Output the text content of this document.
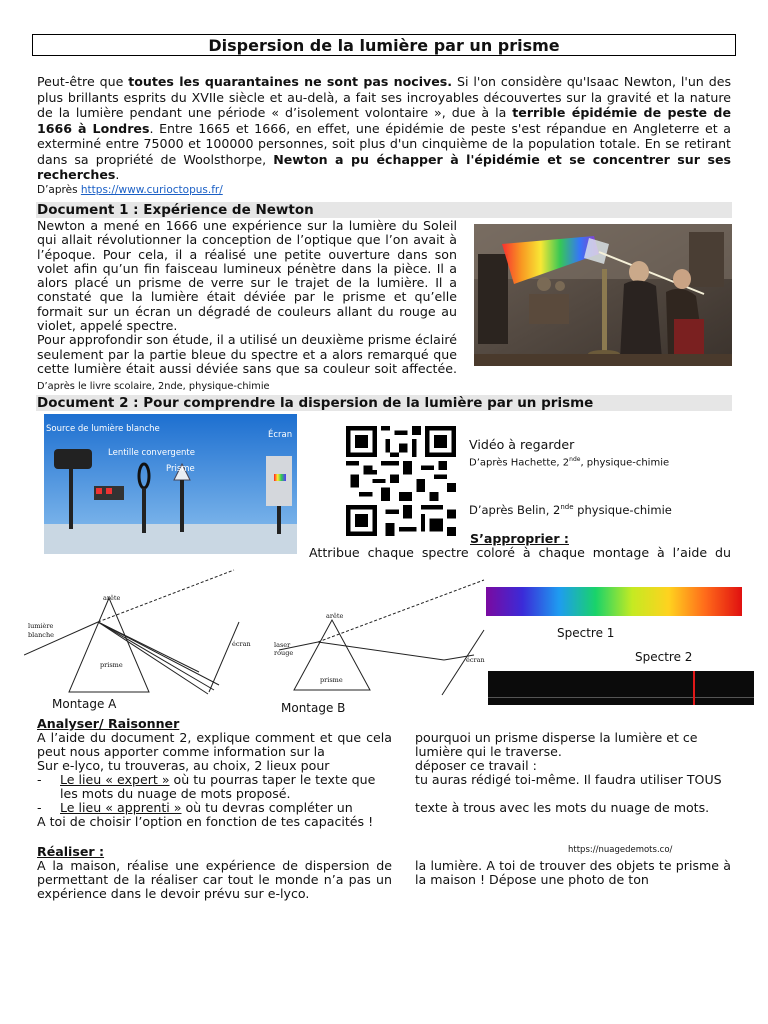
Dispersion de la lumière par un prisme
Peut-être que toutes les quarantaines ne sont pas nocives. Si l'on considère qu'Isaac Newton, l'un des plus brillants esprits du XVIIe siècle et au-delà, a fait ses incroyables découvertes sur la gravité et la nature de la lumière pendant une période « d’isolement volontaire », due à la terrible épidémie de peste de 1666 à Londres. Entre 1665 et 1666, en effet, une épidémie de peste s'est répandue en Angleterre et a exterminé entre 75000 et 100000 personnes, soit plus d'un cinquième de la population totale. En se retirant dans sa propriété de Woolsthorpe, Newton a pu échapper à l'épidémie et se concentrer sur ses recherches.
D’après https://www.curioctopus.fr/
Document 1 : Expérience de Newton
Newton a mené en 1666 une expérience sur la lumière du Soleil qui allait révolutionner la conception de l’optique que l’on avait à l’époque. Pour cela, il a réalisé une petite ouverture dans son volet afin qu’un fin faisceau lumineux pénètre dans la pièce. Il a alors placé un prisme de verre sur le trajet de la lumière. Il a constaté que la lumière était déviée par le prisme et qu’elle formait sur un écran un dégradé de couleurs allant du rouge au violet, appelé spectre.
Pour approfondir son étude, il a utilisé un deuxième prisme éclairé seulement par la partie bleue du spectre et a alors remarqué que cette lumière était aussi déviée sans que sa couleur soit affectée. D’après le livre scolaire, 2nde, physique-chimie
Document 2 : Pour comprendre la dispersion de la lumière par un prisme
Source de lumière blanche
Lentille convergente
Prisme
Écran
Vidéo à regarder
D’après Hachette, 2nde, physique-chimie
D’après Belin, 2nde physique-chimie
S’approprier :
Attribue chaque spectre coloré à chaque montage à l’aide du
arête
lumière
blanche
prisme
écran
Montage A
arête
laser
rouge
prisme
écran
Montage B
Spectre 1
Spectre 2
Analyser/ Raisonner
A l’aide du document 2, explique comment et que cela peut nous apporter comme information sur la
Sur e-lyco, tu trouveras, au choix, 2 lieux pour
- Le lieu « expert » où tu pourras taper le texte que
les mots du nuage de mots proposé.
- Le lieu « apprenti » où tu devras compléter un
A toi de choisir l’option en fonction de tes capacités !
pourquoi un prisme disperse la lumière et ce lumière qui le traverse.
déposer ce travail :
tu auras rédigé toi-même. Il faudra utiliser TOUS
texte à trous avec les mots du nuage de mots.
https://nuagedemots.co/
Réaliser :
A la maison, réalise une expérience de dispersion de permettant de la réaliser car tout le monde n’a pas un expérience dans le devoir prévu sur e-lyco.
la lumière. A toi de trouver des objets te prisme à la maison ! Dépose une photo de ton
